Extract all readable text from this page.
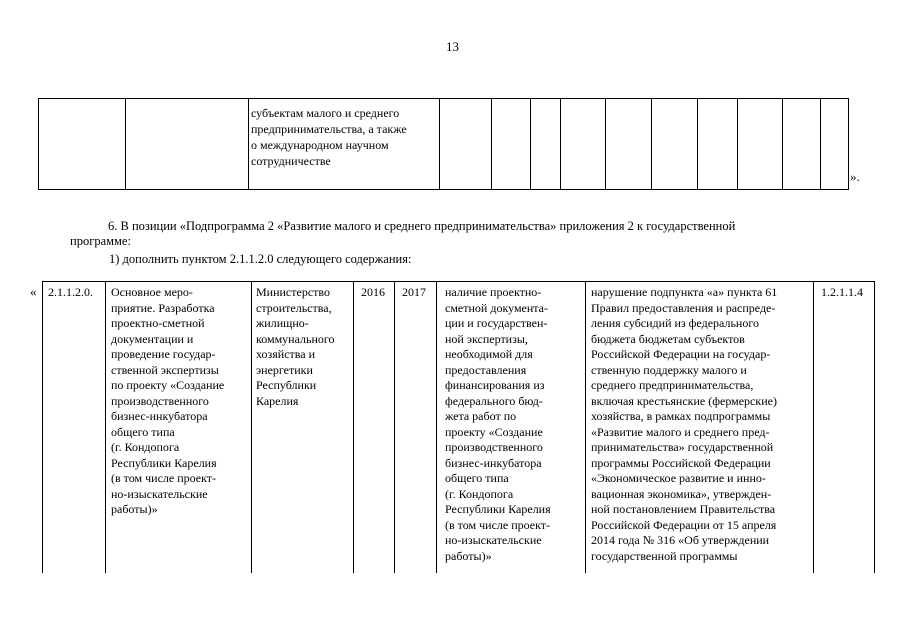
13
субъектам малого и среднего
предпринимательства, а также
о международном научном
сотрудничестве
».
6. В позиции «Подпрограмма 2 «Развитие малого и среднего предпринимательства» приложения 2 к государственной
программе:
1) дополнить пунктом 2.1.1.2.0 следующего содержания:
« 2.1.1.2.0. Основное меро-
приятие. Разработка
проектно-сметной
документации и
проведение государ-
ственной экспертизы
по проекту «Создание
производственного
бизнес-инкубатора
общего типа
(г. Кондопога
Республики Карелия
(в том числе проект-
но-изыскательские
работы)»
Министерство
строительства,
жилищно-
коммунального
хозяйства и
энергетики
Республики
Карелия
2016 2017 наличие проектно-
сметной документа-
ции и государствен-
ной экспертизы,
необходимой для
предоставления
финансирования из
федерального бюд-
жета работ по
проекту «Создание
производственного
бизнес-инкубатора
общего типа
(г. Кондопога
Республики Карелия
(в том числе проект-
но-изыскательские
работы)»
нарушение подпункта «а» пункта 61
Правил предоставления и распреде-
ления субсидий из федерального
бюджета бюджетам субъектов
Российской Федерации на государ-
ственную поддержку малого и
среднего предпринимательства,
включая крестьянские (фермерские)
хозяйства, в рамках подпрограммы
«Развитие малого и среднего пред-
принимательства» государственной
программы Российской Федерации
«Экономическое развитие и инно-
вационная экономика», утвержден-
ной постановлением Правительства
Российской Федерации от 15 апреля
2014 года № 316 «Об утверждении
государственной программы
1.2.1.1.4
